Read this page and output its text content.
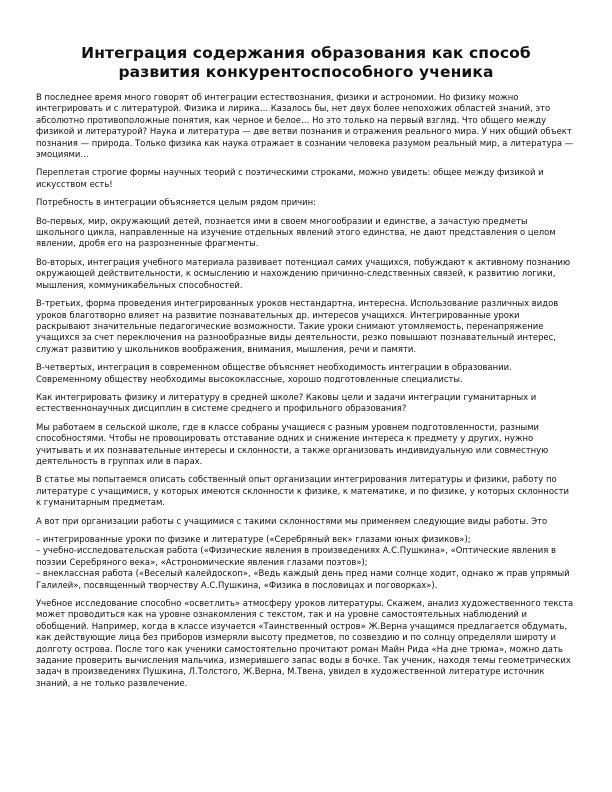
Интеграция содержания образования как способ
развития конкурентоспособного ученика

В последнее время много говорят об интеграции естествознания, физики и астрономии. Но физику можно интегрировать и с литературой. Физика и лирика… Казалось бы, нет двух более непохожих областей знаний, это абсолютно противоположные понятия, как черное и белое… Но это только на первый взгляд. Что общего между физикой и литературой? Наука и литература — две ветви познания и отражения реального мира. У них общий объект познания — природа. Только физика как наука отражает в сознании человека разумом реальный мир, а литература — эмоциями…

Переплетая строгие формы научных теорий с поэтическими строками, можно увидеть: общее между физикой и искусством есть!

Потребность в интеграции объясняется целым рядом причин:

Во-первых, мир, окружающий детей, познается ими в своем многообразии и единстве, а зачастую предметы школьного цикла, направленные на изучение отдельных явлений этого единства, не дают представления о целом явлении, дробя его на разрозненные фрагменты.

Во-вторых, интеграция учебного материала развивает потенциал самих учащихся, побуждают к активному познанию окружающей действительности, к осмыслению и нахождению причинно-следственных связей, к развитию логики, мышления, коммуникабельных способностей.

В-третьих, форма проведения интегрированных уроков нестандартна, интересна. Использование различных видов уроков благотворно влияет на развитие познавательных др. интересов учащихся. Интегрированные уроки раскрывают значительные педагогические возможности. Такие уроки снимают утомляемость, перенапряжение учащихся за счет переключения на разнообразные виды деятельности, резко повышают познавательный интерес, служат развитию у школьников воображения, внимания, мышления, речи и памяти.

В-четвертых, интеграция в современном обществе объясняет необходимость интеграции в образовании. Современному обществу необходимы высококлассные, хорошо подготовленные специалисты.

Как интегрировать физику и литературу в средней школе? Каковы цели и задачи интеграции гуманитарных и естественнонаучных дисциплин в системе среднего и профильного образования?

Мы работаем в сельской школе, где в классе собраны учащиеся с разным уровнем подготовленности, разными способностями. Чтобы не провоцировать отставание одних и снижение интереса к предмету у других, нужно учитывать и их познавательные интересы и склонности, а также организовать индивидуальную или совместную деятельность в группах или в парах.

В статье мы попытаемся описать собственный опыт организации интегрирования литературы и физики, работу по литературе с учащимися, у которых имеются склонности к физике, к математике, и по физике, у которых склонности к гуманитарным предметам.

А вот при организации работы с учащимися с такими склонностями мы применяем следующие виды работы. Это

– интегрированные уроки по физике и литературе («Серебряный век» глазами юных физиков»);

– учебно-исследовательская работа («Физические явления в произведениях А.С.Пушкина», «Оптические явления в поэзии Серебряного века», «Астрономические явления глазами поэтов»);

– внеклассная работа («Веселый калейдоскоп», «Ведь каждый день пред нами солнце ходит, однако ж прав упрямый Галилей», посвященный творчеству А.С.Пушкина, «Физика в пословицах и поговорках»).

Учебное исследование способно «осветлить» атмосферу уроков литературы. Скажем, анализ художественного текста может проводиться как на уровне ознакомления с текстом, так и на уровне самостоятельных наблюдений и обобщений. Например, когда в классе изучается «Таинственный остров» Ж.Верна учащимся предлагается обдумать, как действующие лица без приборов измеряли высоту предметов, по созвездию и по солнцу определяли широту и долготу острова. После того как ученики самостоятельно прочитают роман Майн Рида «На дне трюма», можно дать задание проверить вычисления мальчика, измерившего запас воды в бочке. Так ученик, находя темы геометрических задач в произведениях Пушкина, Л.Толстого, Ж.Верна, М.Твена, увидел в художественной литературе источник знаний, а не только развлечение.
